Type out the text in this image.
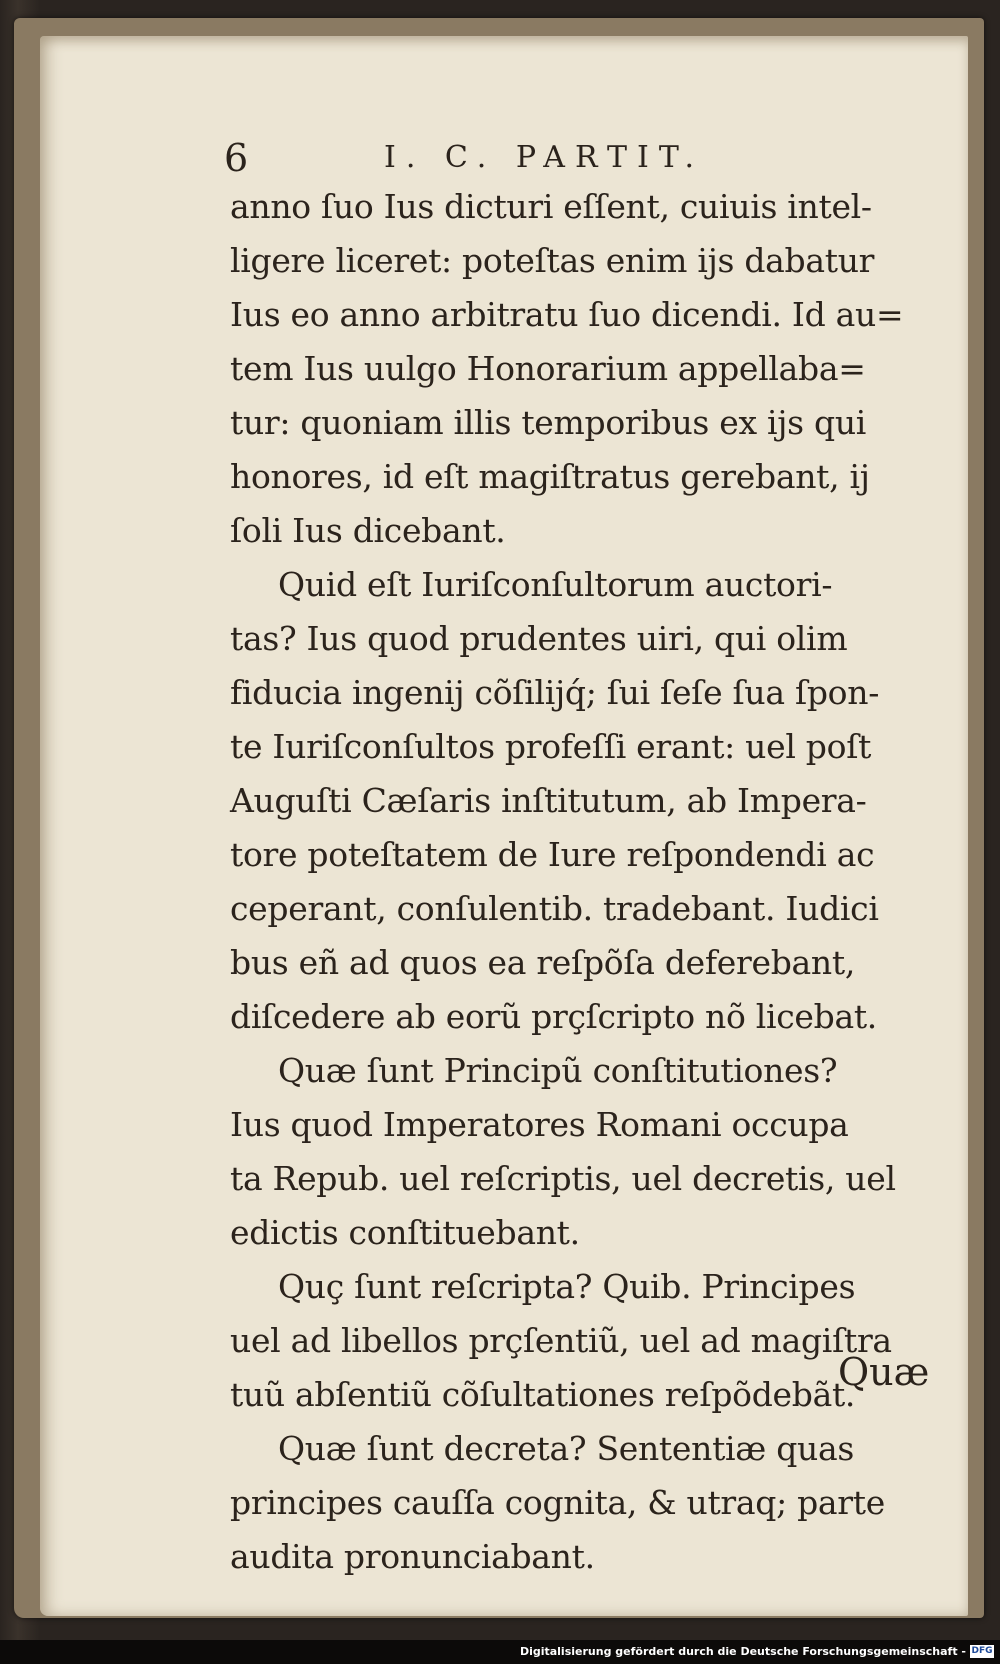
6	I. C. PARTIT.
anno ſuo Ius dicturi eſſent, cuiuis intel-
ligere liceret: poteſtas enim ijs dabatur
Ius eo anno arbitratu ſuo dicendi. Id au=
tem Ius uulgo Honorarium appellaba=
tur: quoniam illis temporibus ex ijs qui
honores, id eſt magiſtratus gerebant, ij
ſoli Ius dicebant.
Quid eſt Iuriſconſultorum auctori-
tas? Ius quod prudentes uiri, qui olim
fiducia ingenij cõſilijq́; ſui ſeſe ſua ſpon-
te Iuriſconſultos profeſſi erant: uel poſt
Auguſti Cæſaris inſtitutum, ab Impera-
tore poteſtatem de Iure reſpondendi ac
ceperant, conſulentib. tradebant. Iudici
bus eñ ad quos ea reſpõſa deferebant,
diſcedere ab eorũ prçſcripto nõ licebat.
Quæ ſunt Principũ conſtitutiones?
Ius quod Imperatores Romani occupa
ta Repub. uel reſcriptis, uel decretis, uel
edictis conſtituebant.
Quç ſunt reſcripta? Quib. Principes
uel ad libellos prçſentiũ, uel ad magiſtra
tuũ abſentiũ cõſultationes reſpõdebãt.
Quæ ſunt decreta? Sententiæ quas
principes cauſſa cognita, & utraq; parte
audita pronunciabant.
Quæ
Digitalisierung gefördert durch die Deutsche Forschungsgemeinschaft - DFG
